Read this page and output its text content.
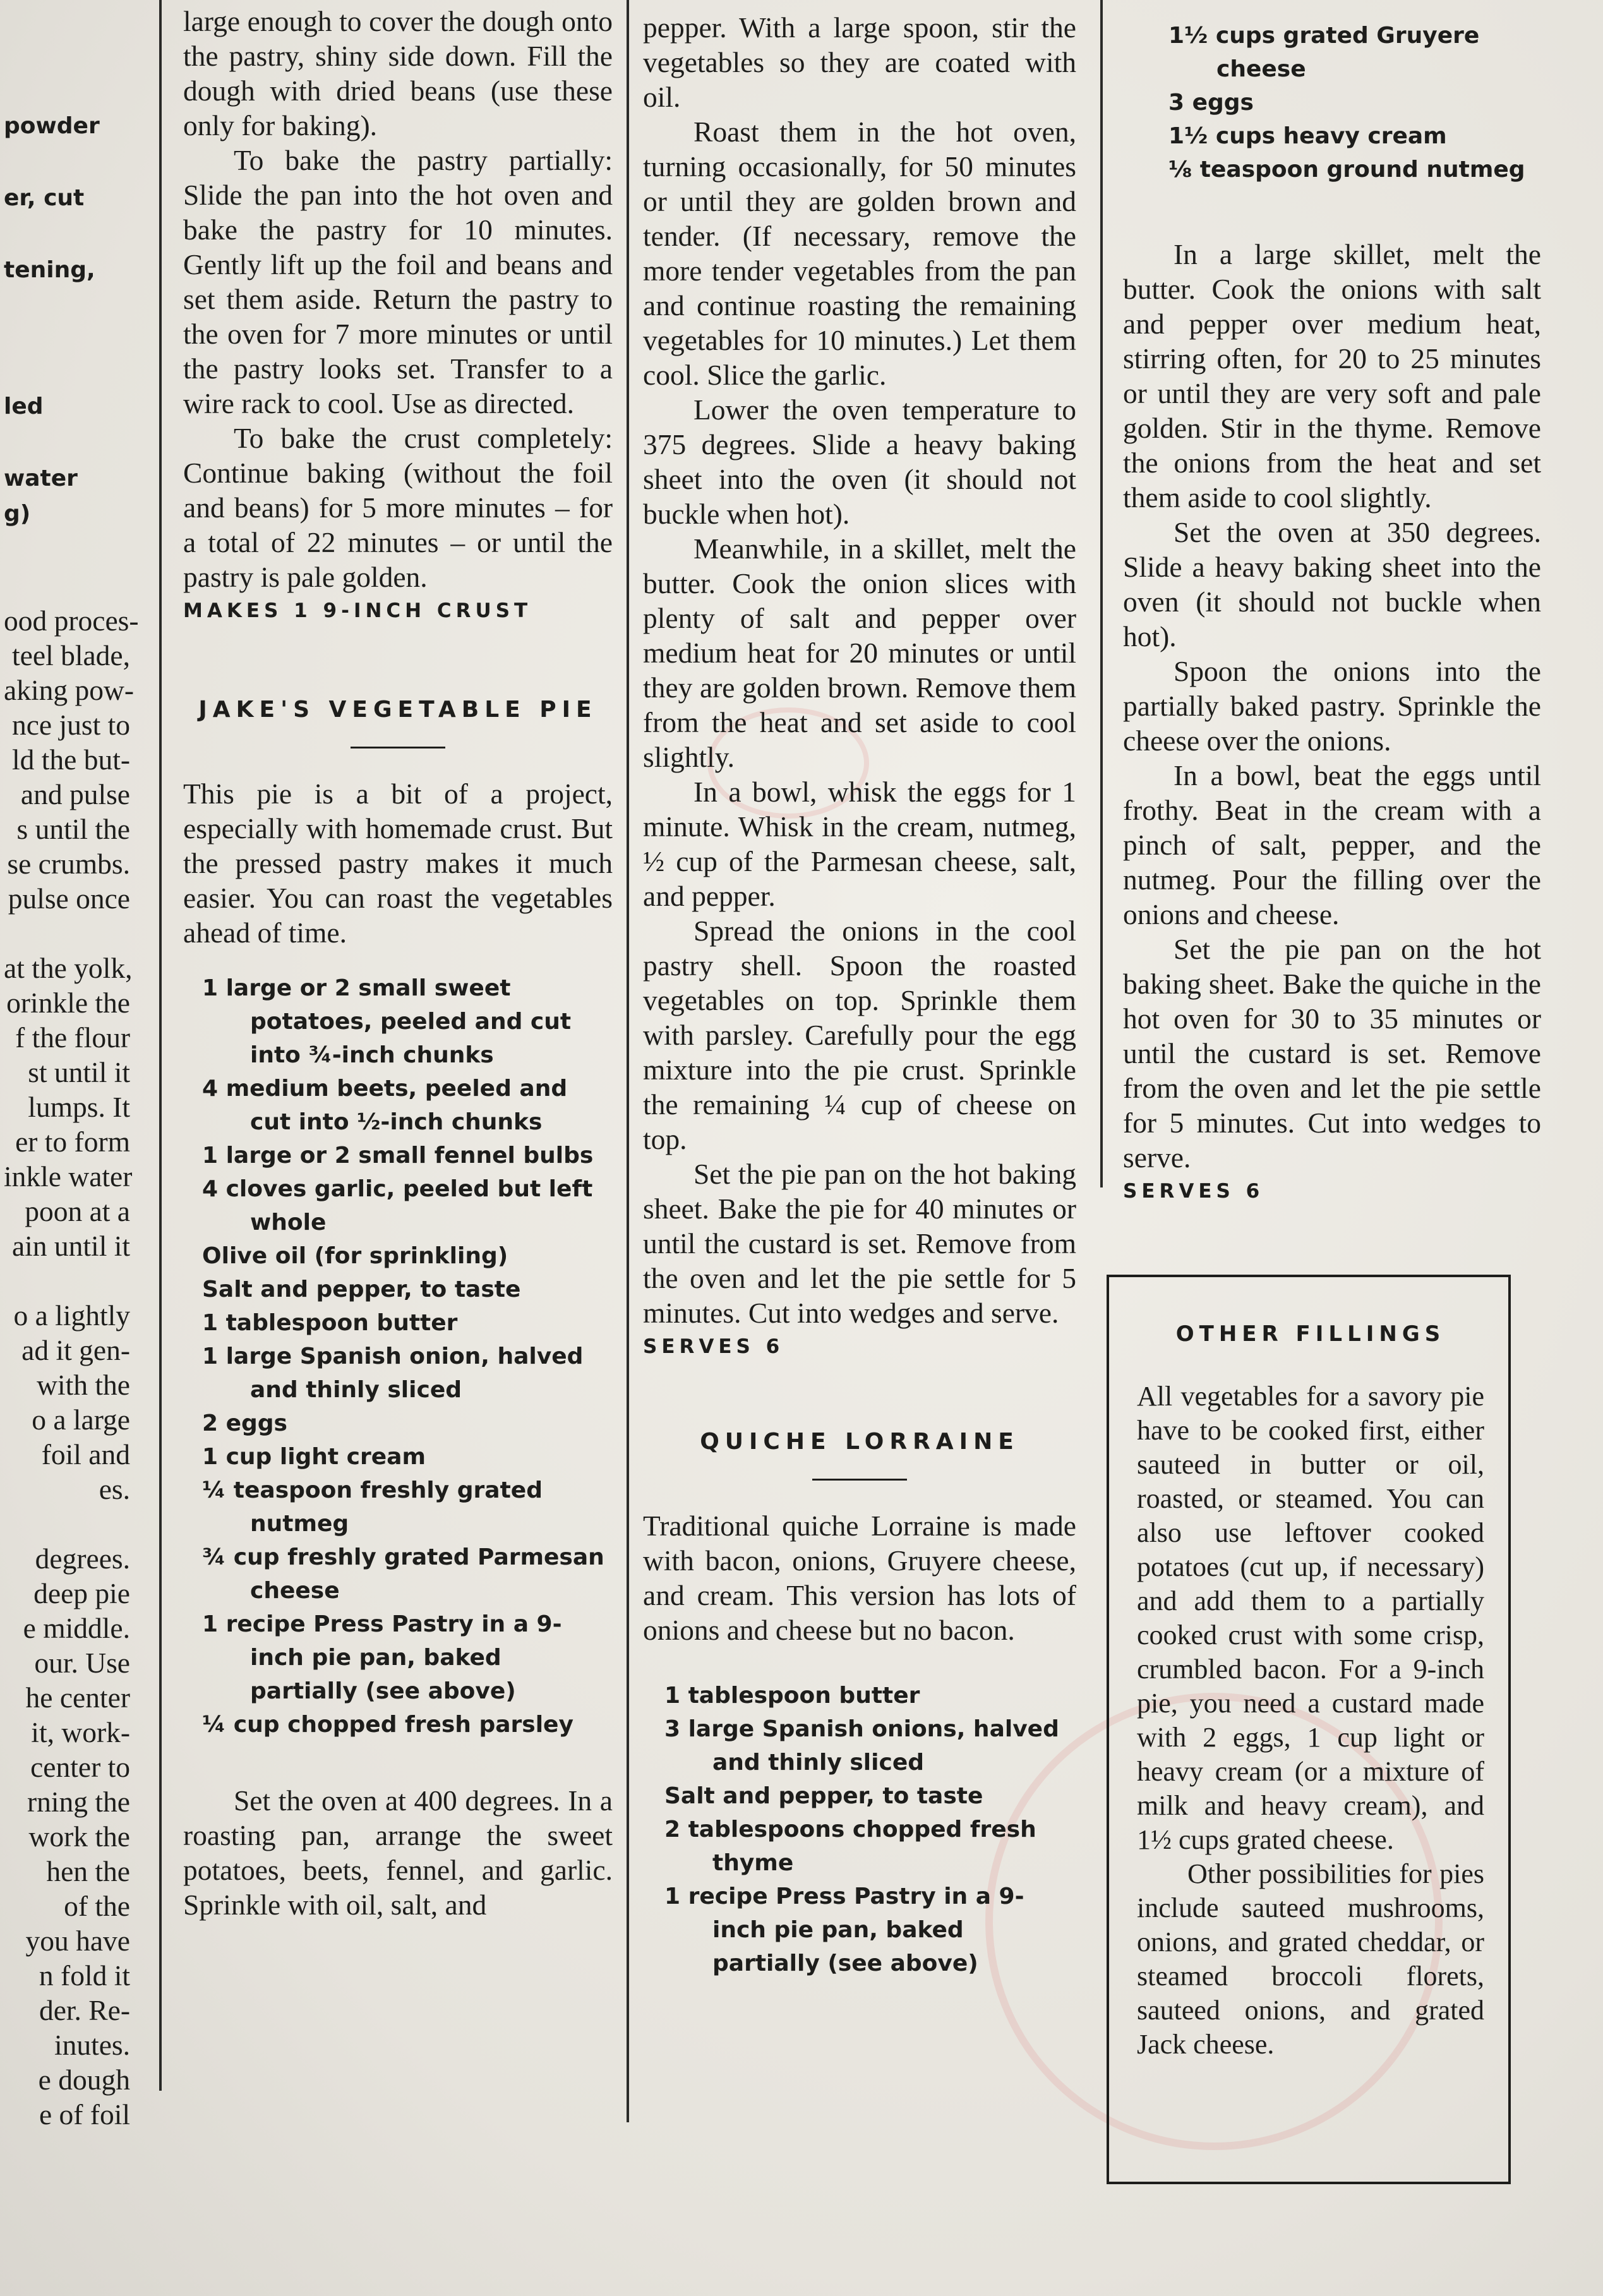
powder
er, cut
tening,
led
water
g)
ood proces-
teel blade,
aking pow-
nce just to
ld the but-
and pulse
s until the
se crumbs.
pulse once
at the yolk,
orinkle the
f the flour
st until it
lumps. It
er to form
inkle water
poon at a
ain until it
o a lightly
ad it gen-
with the
o a large
foil and
es.
degrees.
deep pie
e middle.
our. Use
he center
it, work-
center to
rning the
work the
hen the
of the
you have
n fold it
der. Re-
inutes.
e dough
e of foil

large enough to cover the dough onto the pastry, shiny side down. Fill the dough with dried beans (use these only for baking).

To bake the pastry partially: Slide the pan into the hot oven and bake the pastry for 10 minutes. Gently lift up the foil and beans and set them aside. Return the pastry to the oven for 7 more minutes or until the pastry looks set. Transfer to a wire rack to cool. Use as directed.

To bake the crust completely: Continue baking (without the foil and beans) for 5 more minutes – for a total of 22 minutes – or until the pastry is pale golden.

MAKES 1 9-INCH CRUST

JAKE'S VEGETABLE PIE

This pie is a bit of a project, especially with homemade crust. But the pressed pastry makes it much easier. You can roast the vegetables ahead of time.

1 large or 2 small sweet potatoes, peeled and cut into ¾-inch chunks
4 medium beets, peeled and cut into ½-inch chunks
1 large or 2 small fennel bulbs
4 cloves garlic, peeled but left whole
Olive oil (for sprinkling)
Salt and pepper, to taste
1 tablespoon butter
1 large Spanish onion, halved and thinly sliced
2 eggs
1 cup light cream
¼ teaspoon freshly grated nutmeg
¾ cup freshly grated Parmesan cheese
1 recipe Press Pastry in a 9-inch pie pan, baked partially (see above)
¼ cup chopped fresh parsley

Set the oven at 400 degrees. In a roasting pan, arrange the sweet potatoes, beets, fennel, and garlic. Sprinkle with oil, salt, and

pepper. With a large spoon, stir the vegetables so they are coated with oil.

Roast them in the hot oven, turning occasionally, for 50 minutes or until they are golden brown and tender. (If necessary, remove the more tender vegetables from the pan and continue roasting the remaining vegetables for 10 minutes.) Let them cool. Slice the garlic.

Lower the oven temperature to 375 degrees. Slide a heavy baking sheet into the oven (it should not buckle when hot).

Meanwhile, in a skillet, melt the butter. Cook the onion slices with plenty of salt and pepper over medium heat for 20 minutes or until they are golden brown. Remove them from the heat and set aside to cool slightly.

In a bowl, whisk the eggs for 1 minute. Whisk in the cream, nutmeg, ½ cup of the Parmesan cheese, salt, and pepper.

Spread the onions in the cool pastry shell. Spoon the roasted vegetables on top. Sprinkle them with parsley. Carefully pour the egg mixture into the pie crust. Sprinkle the remaining ¼ cup of cheese on top.

Set the pie pan on the hot baking sheet. Bake the pie for 40 minutes or until the custard is set. Remove from the oven and let the pie settle for 5 minutes. Cut into wedges and serve.

SERVES 6

QUICHE LORRAINE

Traditional quiche Lorraine is made with bacon, onions, Gruyere cheese, and cream. This version has lots of onions and cheese but no bacon.

1 tablespoon butter
3 large Spanish onions, halved and thinly sliced
Salt and pepper, to taste
2 tablespoons chopped fresh thyme
1 recipe Press Pastry in a 9-inch pie pan, baked partially (see above)
1½ cups grated Gruyere cheese
3 eggs
1½ cups heavy cream
⅛ teaspoon ground nutmeg

In a large skillet, melt the butter. Cook the onions with salt and pepper over medium heat, stirring often, for 20 to 25 minutes or until they are very soft and pale golden. Stir in the thyme. Remove the onions from the heat and set them aside to cool slightly.

Set the oven at 350 degrees. Slide a heavy baking sheet into the oven (it should not buckle when hot).

Spoon the onions into the partially baked pastry. Sprinkle the cheese over the onions.

In a bowl, beat the eggs until frothy. Beat in the cream with a pinch of salt, pepper, and the nutmeg. Pour the filling over the onions and cheese.

Set the pie pan on the hot baking sheet. Bake the quiche in the hot oven for 30 to 35 minutes or until the custard is set. Remove from the oven and let the pie settle for 5 minutes. Cut into wedges to serve.

SERVES 6

OTHER FILLINGS

All vegetables for a savory pie have to be cooked first, either sauteed in butter or oil, roasted, or steamed. You can also use leftover cooked potatoes (cut up, if necessary) and add them to a partially cooked crust with some crisp, crumbled bacon. For a 9-inch pie, you need a custard made with 2 eggs, 1 cup light or heavy cream (or a mixture of milk and heavy cream), and 1½ cups grated cheese.

Other possibilities for pies include sauteed mushrooms, onions, and grated cheddar, or steamed broccoli florets, sauteed onions, and grated Jack cheese.
